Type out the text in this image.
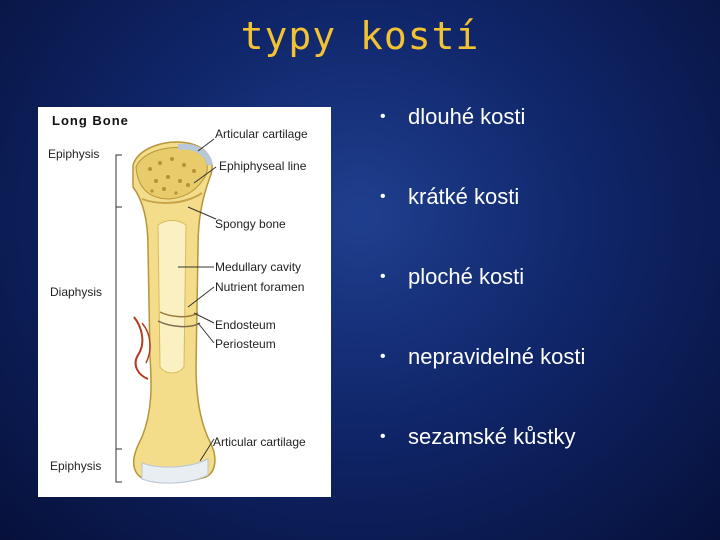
typy kostí
Long Bone
Epiphysis
Diaphysis
Epiphysis
Articular cartilage
Ephiphyseal line
Spongy bone
Medullary cavity
Nutrient foramen
Endosteum
Periosteum
Articular cartilage
• dlouhé kosti
• krátké kosti
• ploché kosti
• nepravidelné kosti
• sezamské kůstky
